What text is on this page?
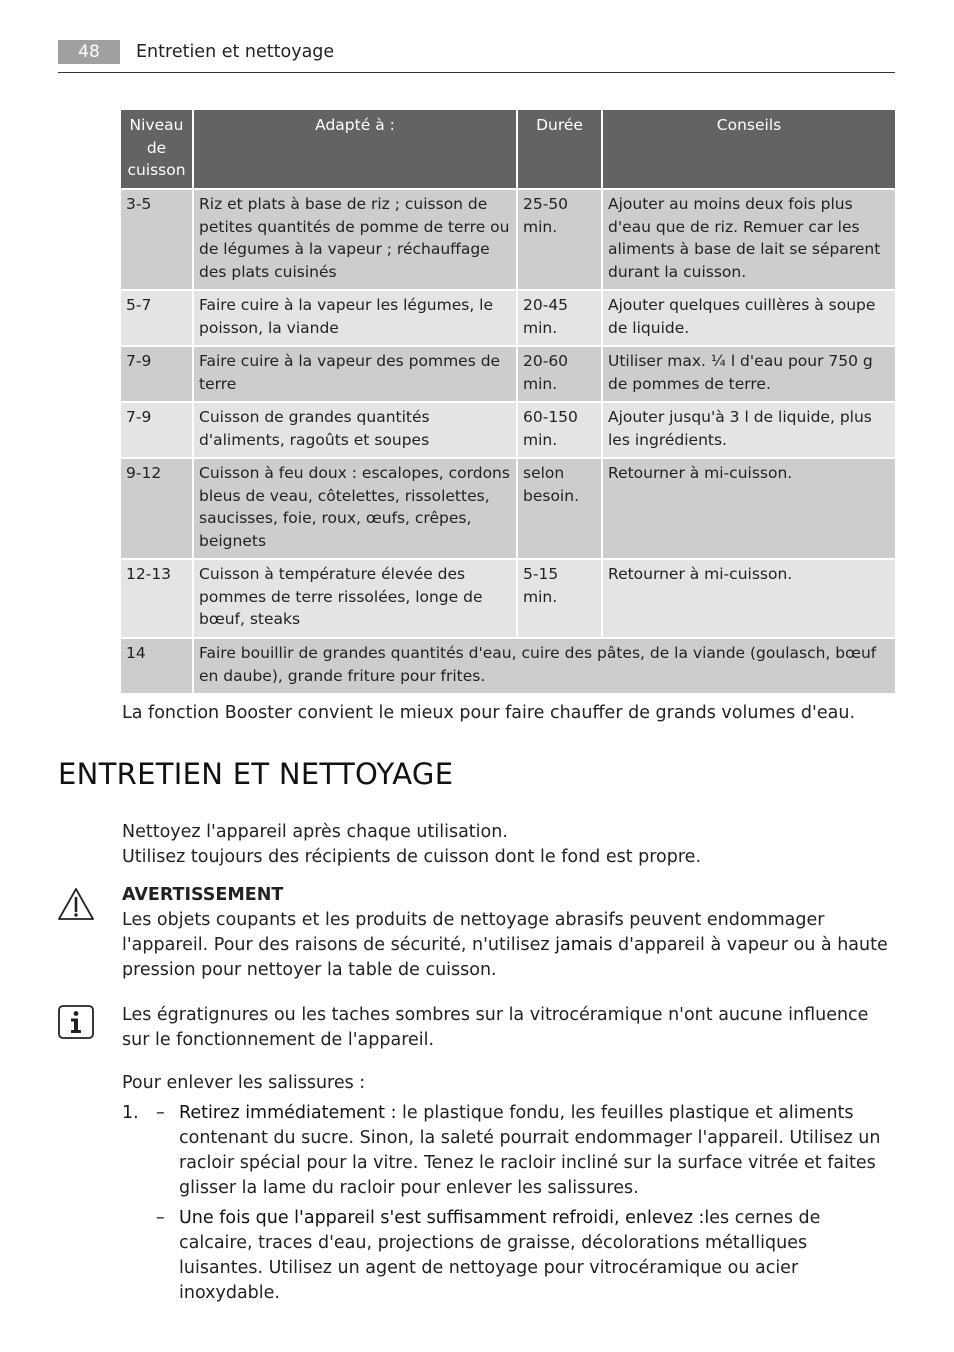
48	Entretien et nettoyage
Niveau de cuisson	Adapté à :	Durée	Conseils
3-5	Riz et plats à base de riz ; cuisson de petites quantités de pomme de terre ou de légumes à la vapeur ; réchauffage des plats cuisinés	25-50 min.	Ajouter au moins deux fois plus d'eau que de riz. Remuer car les aliments à base de lait se séparent durant la cuisson.
5-7	Faire cuire à la vapeur les légumes, le poisson, la viande	20-45 min.	Ajouter quelques cuillères à soupe de liquide.
7-9	Faire cuire à la vapeur des pommes de terre	20-60 min.	Utiliser max. ¼ l d'eau pour 750 g de pommes de terre.
7-9	Cuisson de grandes quantités d'aliments, ragoûts et soupes	60-150 min.	Ajouter jusqu'à 3 l de liquide, plus les ingrédients.
9-12	Cuisson à feu doux : escalopes, cordons bleus de veau, côtelettes, rissolettes, saucisses, foie, roux, œufs, crêpes, beignets	selon besoin.	Retourner à mi-cuisson.
12-13	Cuisson à température élevée des pommes de terre rissolées, longe de bœuf, steaks	5-15 min.	Retourner à mi-cuisson.
14	Faire bouillir de grandes quantités d'eau, cuire des pâtes, de la viande (goulasch, bœuf en daube), grande friture pour frites.		
La fonction Booster convient le mieux pour faire chauffer de grands volumes d'eau.
ENTRETIEN ET NETTOYAGE
Nettoyez l'appareil après chaque utilisation.
Utilisez toujours des récipients de cuisson dont le fond est propre.
AVERTISSEMENT
Les objets coupants et les produits de nettoyage abrasifs peuvent endommager l'appareil. Pour des raisons de sécurité, n'utilisez jamais d'appareil à vapeur ou à haute pression pour nettoyer la table de cuisson.
Les égratignures ou les taches sombres sur la vitrocéramique n'ont aucune influence sur le fonctionnement de l'appareil.
Pour enlever les salissures :
1. – Retirez immédiatement : le plastique fondu, les feuilles plastique et aliments contenant du sucre. Sinon, la saleté pourrait endommager l'appareil. Utilisez un racloir spécial pour la vitre. Tenez le racloir incliné sur la surface vitrée et faites glisser la lame du racloir pour enlever les salissures.
– Une fois que l'appareil s'est suffisamment refroidi, enlevez :les cernes de calcaire, traces d'eau, projections de graisse, décolorations métalliques luisantes. Utilisez un agent de nettoyage pour vitrocéramique ou acier inoxydable.
